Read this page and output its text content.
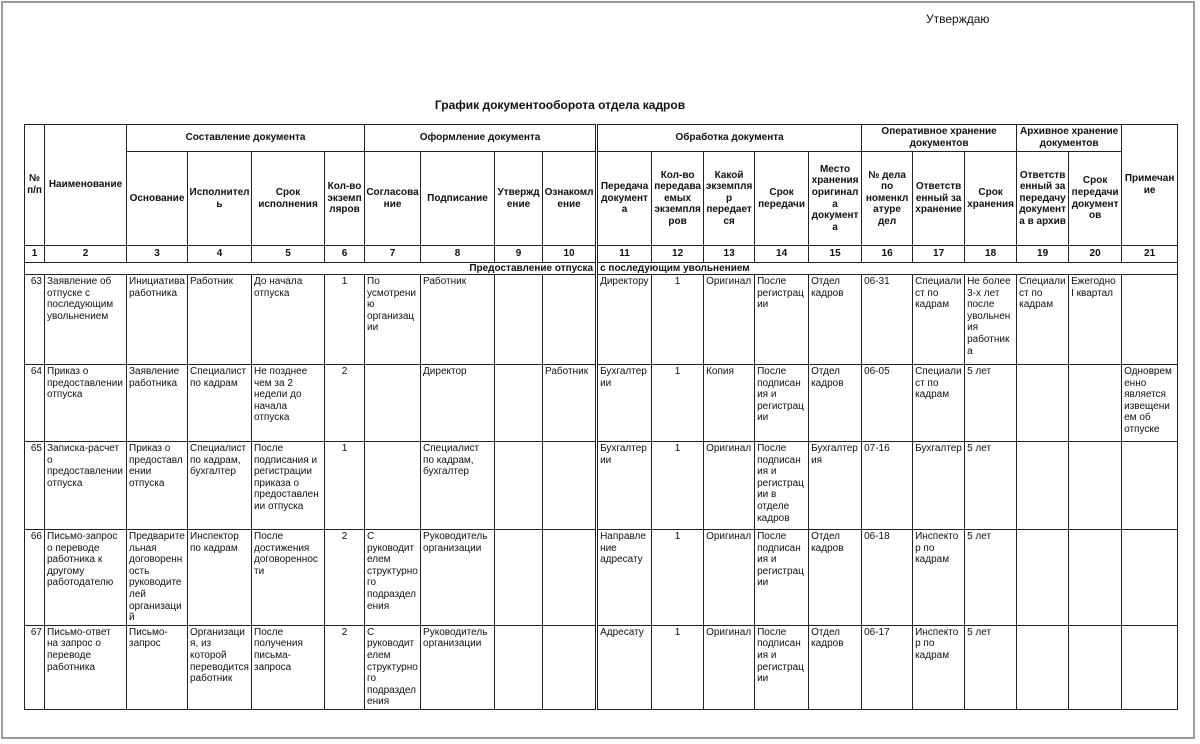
Утверждаю
График документооборота отдела кадров
№ п/п	Наименование	Составление документа				Оформление документа				Обработка документа					Оперативное хранение документов			Архивное хранение документов		Примечание
		Основание	Исполнитель	Срок исполнения	Кол-во экземпляров	Согласование	Подписание	Утверждение	Ознакомление	Передача документа	Кол-во передаваемых экземпляров	Какой экземпляр передается	Срок передачи	Место хранения оригинала документа	№ дела по номенклатуре дел	Ответственный за хранение	Срок хранения	Ответственный за передачу документа в архив	Срок передачи документов	
1	2	3	4	5	6	7	8	9	10	11	12	13	14	15	16	17	18	19	20	21
Предоставление отпуска										с последующим увольнением										
63	Заявление об отпуске с последующим увольнением	Инициатива работника	Работник	До начала отпуска	1	По усмотрению организации	Работник			Директору	1	Оригинал	После регистрации	Отдел кадров	06-31	Специалист по кадрам	Не более 3-х лет после увольнения работника	Специалист по кадрам	Ежегодно I квартал	
64	Приказ о предоставлении отпуска	Заявление работника	Специалист по кадрам	Не позднее чем за 2 недели до начала отпуска	2		Директор		Работник	Бухгалтерии	1	Копия	После подписания и регистрации	Отдел кадров	06-05	Специалист по кадрам	5 лет			Одновременно является извещением об отпуске
65	Записка-расчет о предоставлении отпуска	Приказ о предоставлении отпуска	Специалист по кадрам, бухгалтер	После подписания и регистрации приказа о предоставлении отпуска	1		Специалист по кадрам, бухгалтер			Бухгалтерии	1	Оригинал	После подписания и регистрации в отделе кадров	Бухгалтерия	07-16	Бухгалтер	5 лет			
66	Письмо-запрос о переводе работника к другому работодателю	Предварительная договоренность руководителей организаций	Инспектор по кадрам	После достижения договоренности	2	С руководителем структурного подразделения	Руководитель организации			Направление адресату	1	Оригинал	После подписания и регистрации	Отдел кадров	06-18	Инспектор по кадрам	5 лет			
67	Письмо-ответ на запрос о переводе работника	Письмо-запрос	Организация, из которой переводится работник	После получения письма-запроса	2	С руководителем структурного подразделения	Руководитель организации			Адресату	1	Оригинал	После подписания и регистрации	Отдел кадров	06-17	Инспектор по кадрам	5 лет			
